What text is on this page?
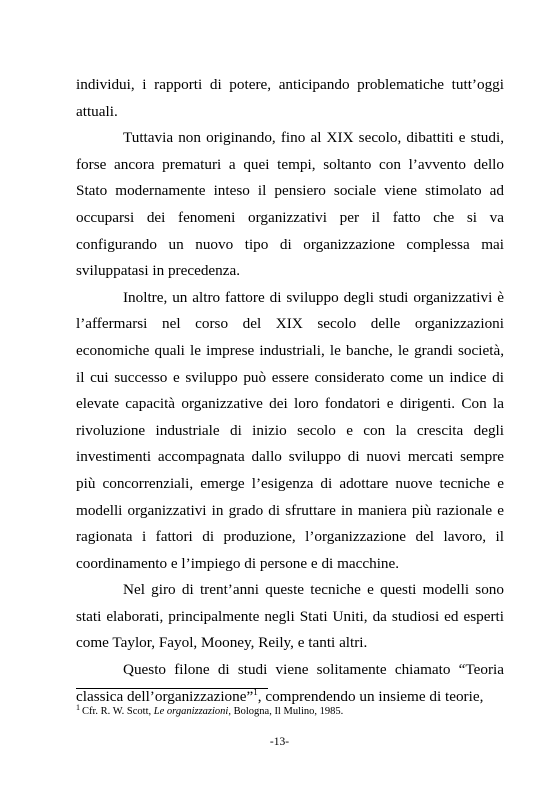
individui, i rapporti di potere, anticipando problematiche tutt’oggi attuali.

Tuttavia non originando, fino al XIX secolo, dibattiti e studi, forse ancora prematuri a quei tempi, soltanto con l’avvento dello Stato modernamente inteso il pensiero sociale viene stimolato ad occuparsi dei fenomeni organizzativi per il fatto che si va configurando un nuovo tipo di organizzazione complessa mai sviluppatasi in precedenza.

Inoltre, un altro fattore di sviluppo degli studi organizzativi è l’affermarsi nel corso del XIX secolo delle organizzazioni economiche quali le imprese industriali, le banche, le grandi società, il cui successo e sviluppo può essere considerato come un indice di elevate capacità organizzative dei loro fondatori e dirigenti. Con la rivoluzione industriale di inizio secolo e con la crescita degli investimenti accompagnata dallo sviluppo di nuovi mercati sempre più concorrenziali, emerge l’esigenza di adottare nuove tecniche e modelli organizzativi in grado di sfruttare in maniera più razionale e ragionata i fattori di produzione, l’organizzazione del lavoro, il coordinamento e l’impiego di persone e di macchine.

Nel giro di trent’anni queste tecniche e questi modelli sono stati elaborati, principalmente negli Stati Uniti, da studiosi ed esperti come Taylor, Fayol, Mooney, Reily, e tanti altri.

Questo filone di studi viene solitamente chiamato “Teoria classica dell’organizzazione”$^1$, comprendendo un insieme di teorie,

$^1$ Cfr. R. W. Scott, Le organizzazioni, Bologna, Il Mulino, 1985.
-13-
